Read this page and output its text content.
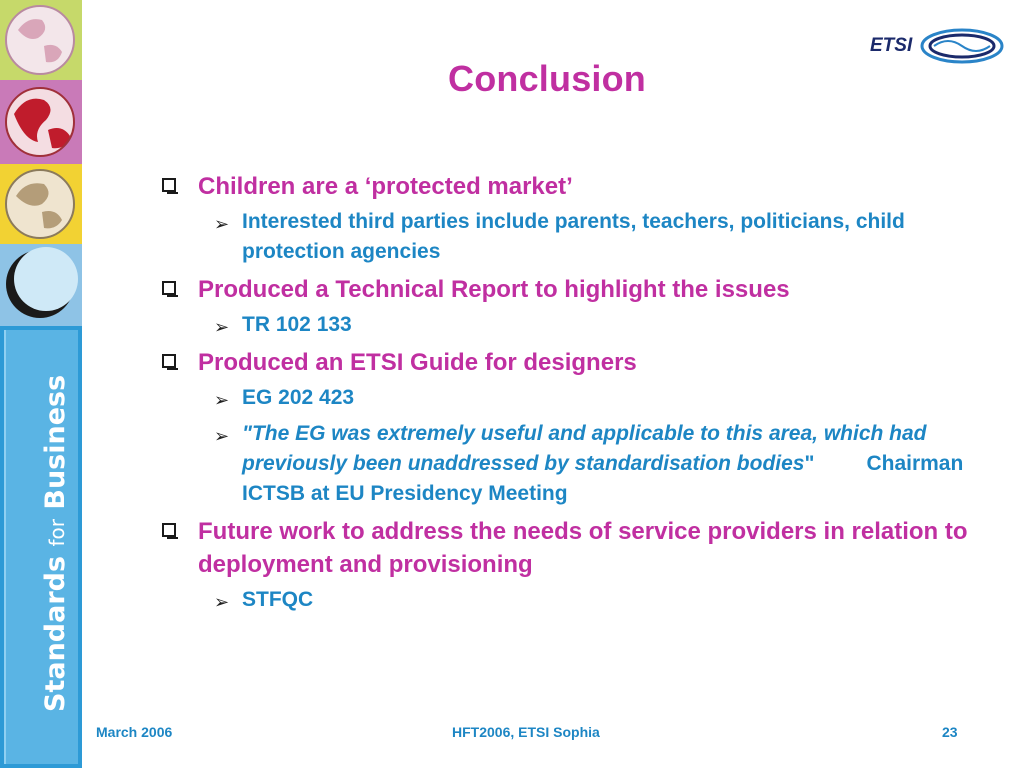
Standards for Business
ETSI
Conclusion
Children are a ‘protected market’
➢ Interested third parties include parents, teachers, politicians, child protection agencies
Produced a Technical Report to highlight the issues
➢ TR 102 133
Produced an ETSI Guide for designers
➢ EG 202 423
➢ "The EG was extremely useful and applicable to this area, which had previously been unaddressed by standardisation bodies" Chairman ICTSB at EU Presidency Meeting
Future work to address the needs of service providers in relation to deployment and provisioning
➢ STFQC
March 2006	HFT2006, ETSI Sophia	23
